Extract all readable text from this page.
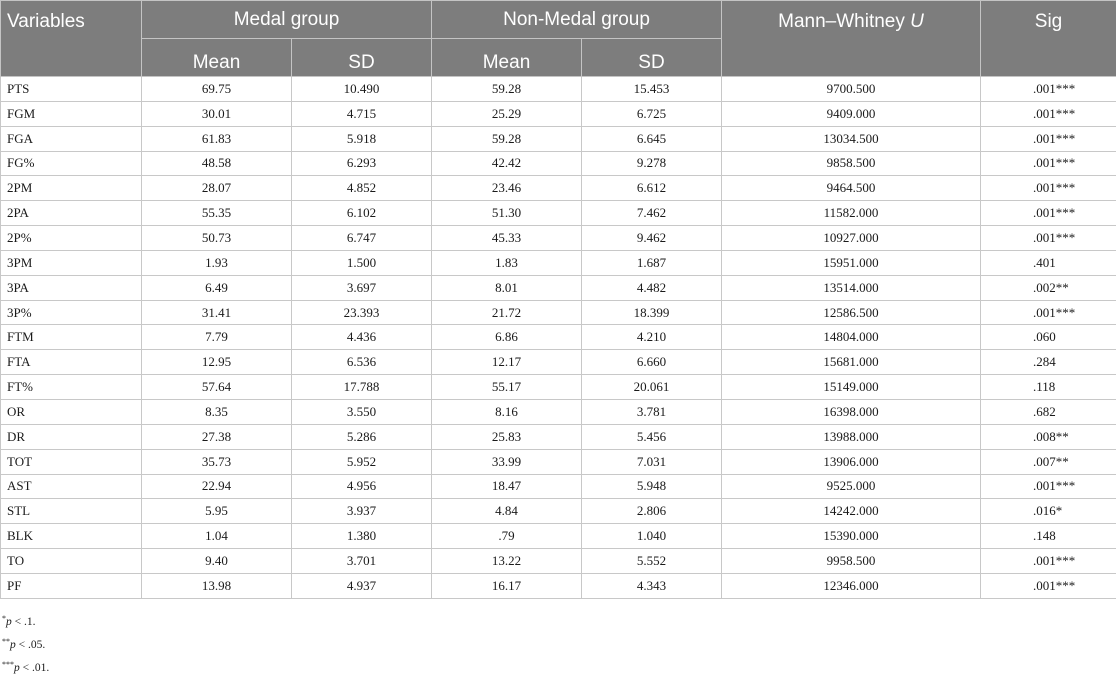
Variables	Medal group		Non-Medal group		Mann–Whitney U	Sig
	Mean	SD	Mean	SD		
PTS	69.75	10.490	59.28	15.453	9700.500	.001***
FGM	30.01	4.715	25.29	6.725	9409.000	.001***
FGA	61.83	5.918	59.28	6.645	13034.500	.001***
FG%	48.58	6.293	42.42	9.278	9858.500	.001***
2PM	28.07	4.852	23.46	6.612	9464.500	.001***
2PA	55.35	6.102	51.30	7.462	11582.000	.001***
2P%	50.73	6.747	45.33	9.462	10927.000	.001***
3PM	1.93	1.500	1.83	1.687	15951.000	.401
3PA	6.49	3.697	8.01	4.482	13514.000	.002**
3P%	31.41	23.393	21.72	18.399	12586.500	.001***
FTM	7.79	4.436	6.86	4.210	14804.000	.060
FTA	12.95	6.536	12.17	6.660	15681.000	.284
FT%	57.64	17.788	55.17	20.061	15149.000	.118
OR	8.35	3.550	8.16	3.781	16398.000	.682
DR	27.38	5.286	25.83	5.456	13988.000	.008**
TOT	35.73	5.952	33.99	7.031	13906.000	.007**
AST	22.94	4.956	18.47	5.948	9525.000	.001***
STL	5.95	3.937	4.84	2.806	14242.000	.016*
BLK	1.04	1.380	.79	1.040	15390.000	.148
TO	9.40	3.701	13.22	5.552	9958.500	.001***
PF	13.98	4.937	16.17	4.343	12346.000	.001***
*p < .1.
**p < .05.
***p < .01.
